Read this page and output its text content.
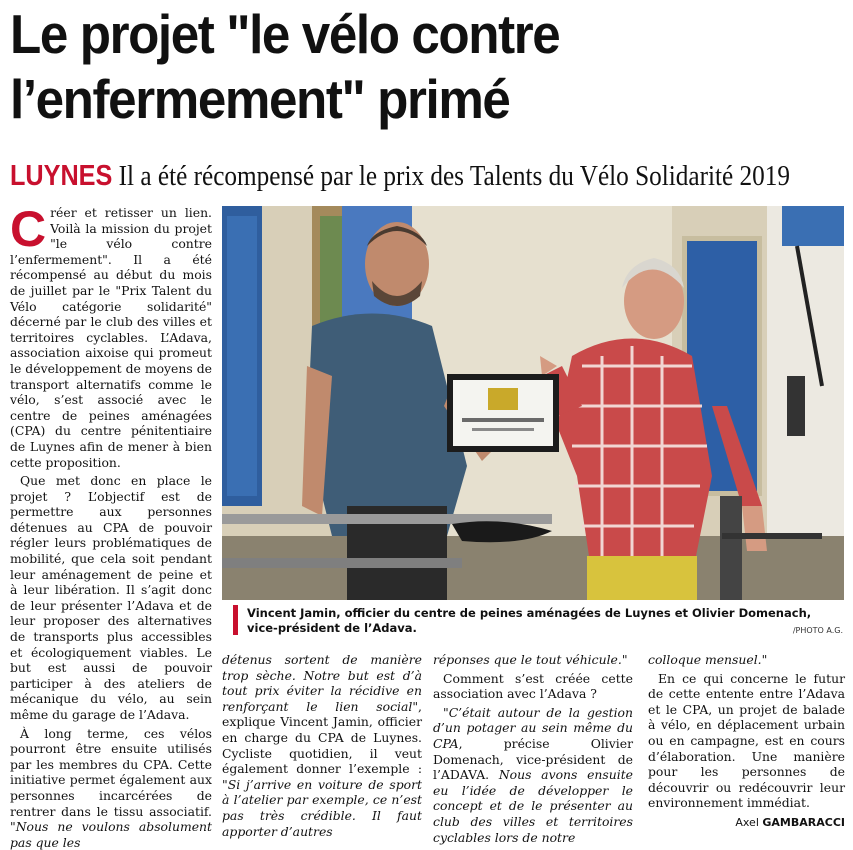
Le projet "le vélo contre
l’enfermement" primé
LUYNES Il a été récompensé par le prix des Talents du Vélo Solidarité 2019

Créer et retisser un lien. Voilà la mission du projet "le vélo contre l’enfermement". Il a été récompensé au début du mois de juillet par le "Prix Talent du Vélo catégorie solidarité" décerné par le club des villes et territoires cyclables. L’Adava, association aixoise qui promeut le développement de moyens de transport alternatifs comme le vélo, s’est associé avec le centre de peines aménagées (CPA) du centre pénitentiaire de Luynes afin de mener à bien cette proposition.

Que met donc en place le projet ? L’objectif est de permettre aux personnes détenues au CPA de pouvoir régler leurs problématiques de mobilité, que cela soit pendant leur aménagement de peine et à leur libération. Il s’agit donc de leur présenter l’Adava et de leur proposer des alternatives de transports plus accessibles et écologiquement viables. Le but est aussi de pouvoir participer à des ateliers de mécanique du vélo, au sein même du garage de l’Adava.

À long terme, ces vélos pourront être ensuite utilisés par les membres du CPA. Cette initiative permet également aux personnes incarcérées de rentrer dans le tissu associatif. "Nous ne voulons absolument pas que les

Vincent Jamin, officier du centre de peines aménagées de Luynes et Olivier Domenach, vice-président de l’Adava.	/PHOTO A.G.

détenus sortent de manière trop sèche. Notre but est d’à tout prix éviter la récidive en renforçant le lien social", explique Vincent Jamin, officier en charge du CPA de Luynes. Cycliste quotidien, il veut également donner l’exemple : "Si j’arrive en voiture de sport à l’atelier par exemple, ce n’est pas très crédible. Il faut apporter d’autres

réponses que le tout véhicule."

Comment s’est créée cette association avec l’Adava ?

"C’était autour de la gestion d’un potager au sein même du CPA, précise Olivier Domenach, vice-président de l’ADAVA. Nous avons ensuite eu l’idée de développer le concept et de le présenter au club des villes et territoires cyclables lors de notre

colloque mensuel."

En ce qui concerne le futur de cette entente entre l’Adava et le CPA, un projet de balade à vélo, en déplacement urbain ou en campagne, est en cours d’élaboration. Une manière pour les personnes de découvrir ou redécouvrir leur environnement immédiat.

Axel GAMBARACCI
